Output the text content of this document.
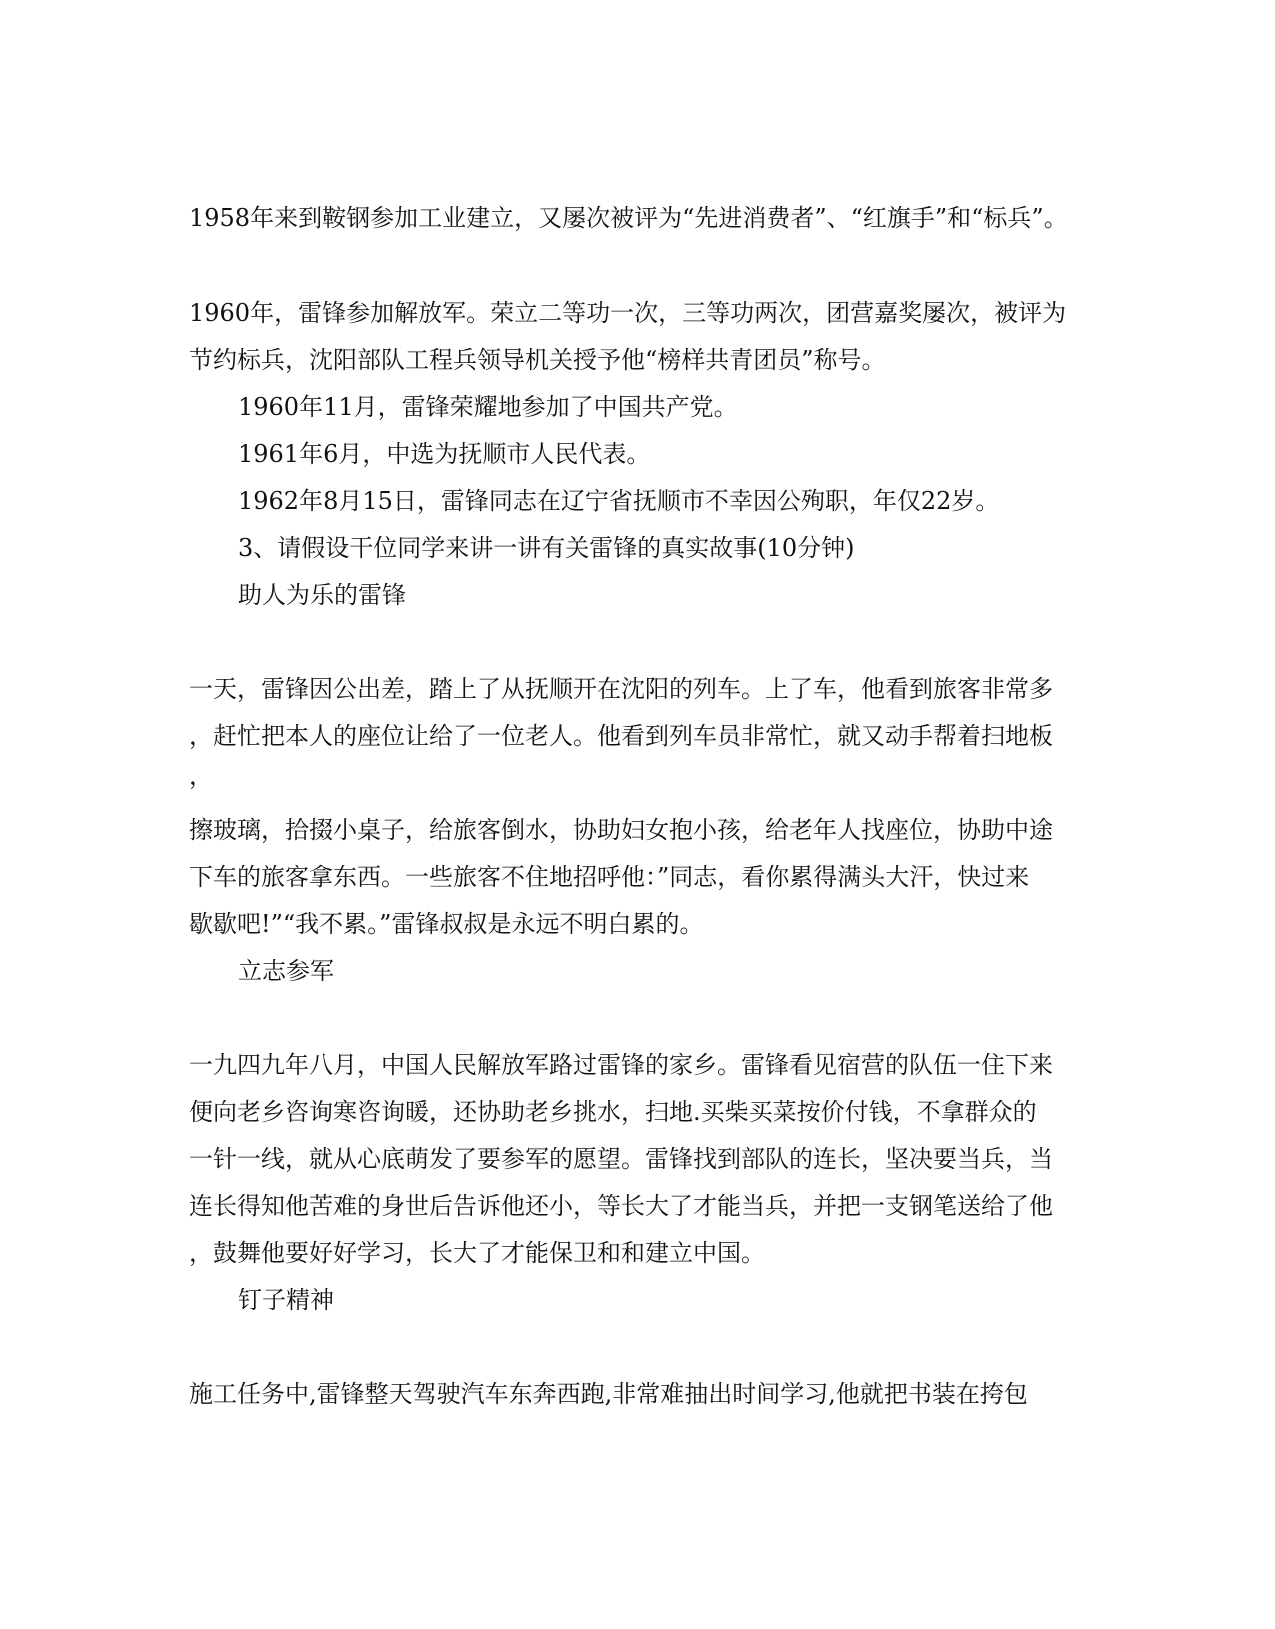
1958年来到鞍钢参加工业建立，又屡次被评为“先进消费者”、“红旗手”和“标兵”。
1960年，雷锋参加解放军。荣立二等功一次，三等功两次，团营嘉奖屡次，被评为
节约标兵，沈阳部队工程兵领导机关授予他“榜样共青团员”称号。
1960年11月，雷锋荣耀地参加了中国共产党。
1961年6月，中选为抚顺市人民代表。
1962年8月15日，雷锋同志在辽宁省抚顺市不幸因公殉职，年仅22岁。
3、请假设干位同学来讲一讲有关雷锋的真实故事(10分钟)
助人为乐的雷锋
一天，雷锋因公出差，踏上了从抚顺开在沈阳的列车。上了车，他看到旅客非常多
，赶忙把本人的座位让给了一位老人。他看到列车员非常忙，就又动手帮着扫地板
，
擦玻璃，拾掇小桌子，给旅客倒水，协助妇女抱小孩，给老年人找座位，协助中途
下车的旅客拿东西。一些旅客不住地招呼他：”同志，看你累得满头大汗，快过来
歇歇吧!”“我不累。”雷锋叔叔是永远不明白累的。
立志参军
一九四九年八月，中国人民解放军路过雷锋的家乡。雷锋看见宿营的队伍一住下来
便向老乡咨询寒咨询暖，还协助老乡挑水，扫地.买柴买菜按价付钱，不拿群众的
一针一线，就从心底萌发了要参军的愿望。雷锋找到部队的连长，坚决要当兵，当
连长得知他苦难的身世后告诉他还小，等长大了才能当兵，并把一支钢笔送给了他
，鼓舞他要好好学习，长大了才能保卫和和建立中国。
钉子精神
施工任务中,雷锋整天驾驶汽车东奔西跑,非常难抽出时间学习,他就把书装在挎包
